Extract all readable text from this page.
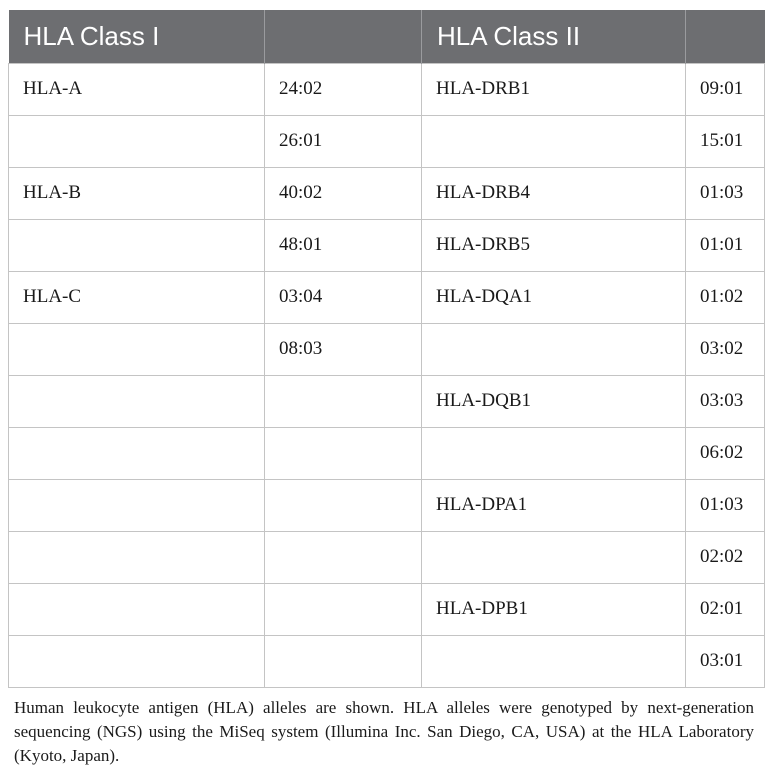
HLA Class I		HLA Class II	
HLA-A	24:02	HLA-DRB1	09:01
	26:01		15:01
HLA-B	40:02	HLA-DRB4	01:03
	48:01	HLA-DRB5	01:01
HLA-C	03:04	HLA-DQA1	01:02
	08:03		03:02
		HLA-DQB1	03:03
			06:02
		HLA-DPA1	01:03
			02:02
		HLA-DPB1	02:01
			03:01

Human leukocyte antigen (HLA) alleles are shown. HLA alleles were genotyped by next-generation sequencing (NGS) using the MiSeq system (Illumina Inc. San Diego, CA, USA) at the HLA Laboratory (Kyoto, Japan).
